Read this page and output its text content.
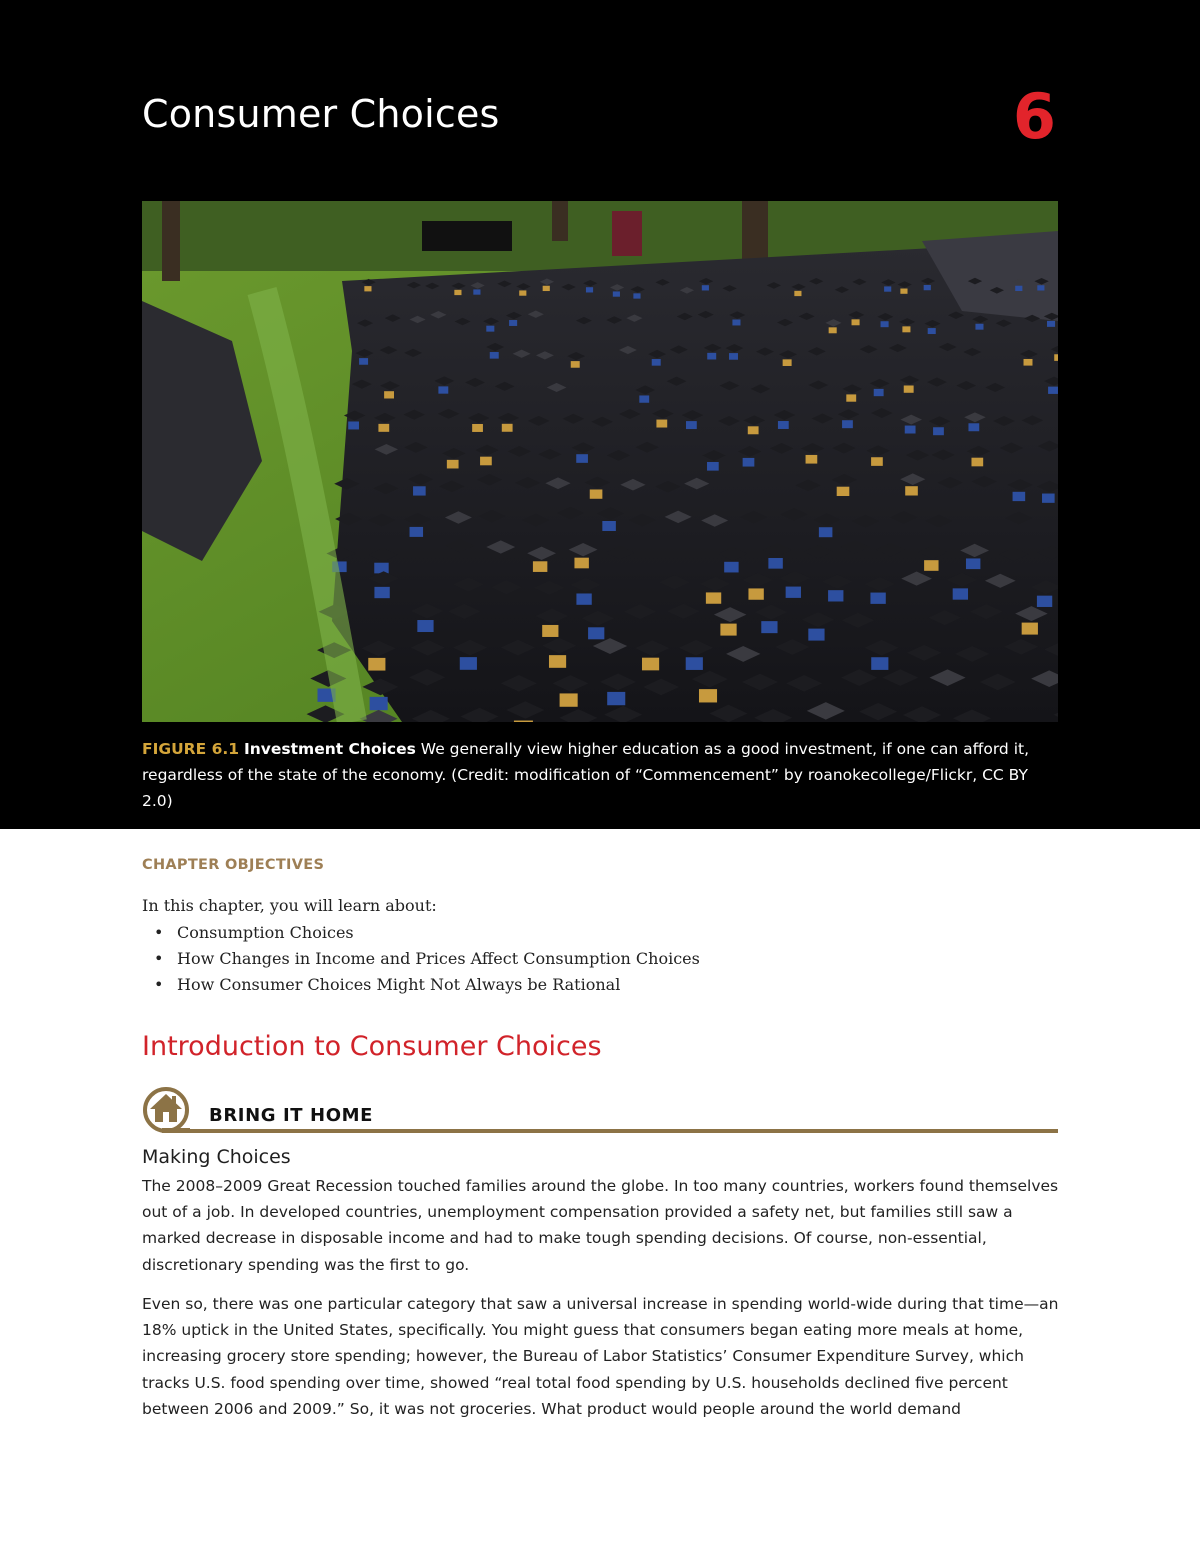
Consumer Choices	6
FIGURE 6.1 Investment Choices We generally view higher education as a good investment, if one can afford it, regardless of the state of the economy. (Credit: modification of “Commencement” by roanokecollege/Flickr, CC BY 2.0)
CHAPTER OBJECTIVES
In this chapter, you will learn about:
• Consumption Choices
• How Changes in Income and Prices Affect Consumption Choices
• How Consumer Choices Might Not Always be Rational
Introduction to Consumer Choices
BRING IT HOME
Making Choices

The 2008–2009 Great Recession touched families around the globe. In too many countries, workers found themselves out of a job. In developed countries, unemployment compensation provided a safety net, but families still saw a marked decrease in disposable income and had to make tough spending decisions. Of course, non-essential, discretionary spending was the first to go.

Even so, there was one particular category that saw a universal increase in spending world-wide during that time—an 18% uptick in the United States, specifically. You might guess that consumers began eating more meals at home, increasing grocery store spending; however, the Bureau of Labor Statistics’ Consumer Expenditure Survey, which tracks U.S. food spending over time, showed “real total food spending by U.S. households declined five percent between 2006 and 2009.” So, it was not groceries. What product would people around the world demand
